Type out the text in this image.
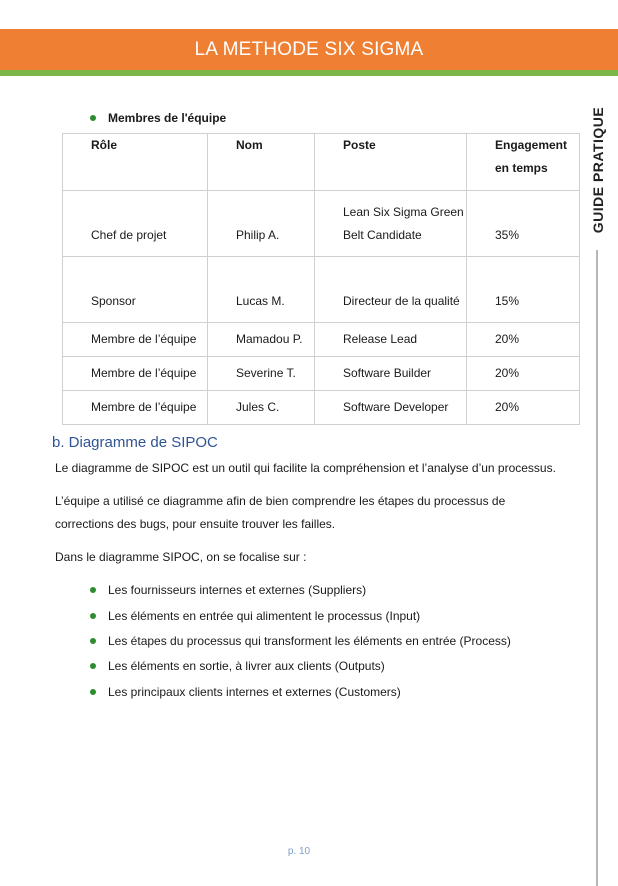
LA METHODE SIX SIGMA
GUIDE PRATIQUE
Membres de l'équipe
Rôle	Nom	Poste	Engagement en temps
Chef de projet	Philip A.	Lean Six Sigma Green Belt Candidate	35%
Sponsor	Lucas M.	Directeur de la qualité	15%
Membre de l’équipe	Mamadou P.	Release Lead	20%
Membre de l’équipe	Severine T.	Software Builder	20%
Membre de l’équipe	Jules C.	Software Developer	20%
b. Diagramme de SIPOC
Le diagramme de SIPOC est un outil qui facilite la compréhension et l’analyse d’un processus.
L’équipe a utilisé ce diagramme afin de bien comprendre les étapes du processus de
corrections des bugs, pour ensuite trouver les failles.
Dans le diagramme SIPOC, on se focalise sur :
Les fournisseurs internes et externes (Suppliers)
Les éléments en entrée qui alimentent le processus (Input)
Les étapes du processus qui transforment les éléments en entrée (Process)
Les éléments en sortie, à livrer aux clients (Outputs)
Les principaux clients internes et externes (Customers)
p. 10
